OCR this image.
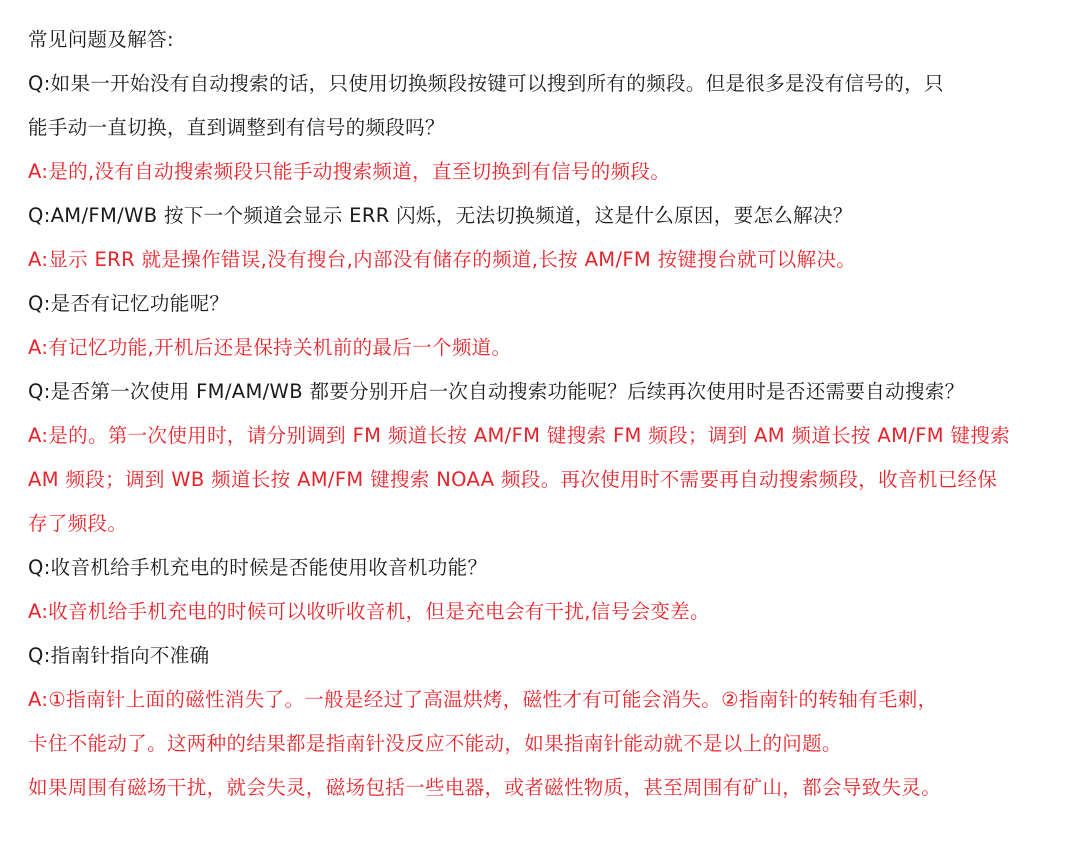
常见问题及解答:
Q:如果一开始没有自动搜索的话，只使用切换频段按键可以搜到所有的频段。但是很多是没有信号的，只
能手动一直切换，直到调整到有信号的频段吗？
A:是的,没有自动搜索频段只能手动搜索频道，直至切换到有信号的频段。
Q:AM/FM/WB 按下一个频道会显示 ERR 闪烁，无法切换频道，这是什么原因，要怎么解决？
A:显示 ERR 就是操作错误,没有搜台,内部没有储存的频道,长按 AM/FM 按键搜台就可以解决。
Q:是否有记忆功能呢？
A:有记忆功能,开机后还是保持关机前的最后一个频道。
Q:是否第一次使用 FM/AM/WB 都要分别开启一次自动搜索功能呢？后续再次使用时是否还需要自动搜索？
A:是的。第一次使用时，请分别调到 FM 频道长按 AM/FM 键搜索 FM 频段；调到 AM 频道长按 AM/FM 键搜索
AM 频段；调到 WB 频道长按 AM/FM 键搜索 NOAA 频段。再次使用时不需要再自动搜索频段，收音机已经保
存了频段。
Q:收音机给手机充电的时候是否能使用收音机功能？
A:收音机给手机充电的时候可以收听收音机，但是充电会有干扰,信号会变差。
Q:指南针指向不准确
A:①指南针上面的磁性消失了。一般是经过了高温烘烤，磁性才有可能会消失。②指南针的转轴有毛刺，
卡住不能动了。这两种的结果都是指南针没反应不能动，如果指南针能动就不是以上的问题。
如果周围有磁场干扰，就会失灵，磁场包括一些电器，或者磁性物质，甚至周围有矿山，都会导致失灵。
